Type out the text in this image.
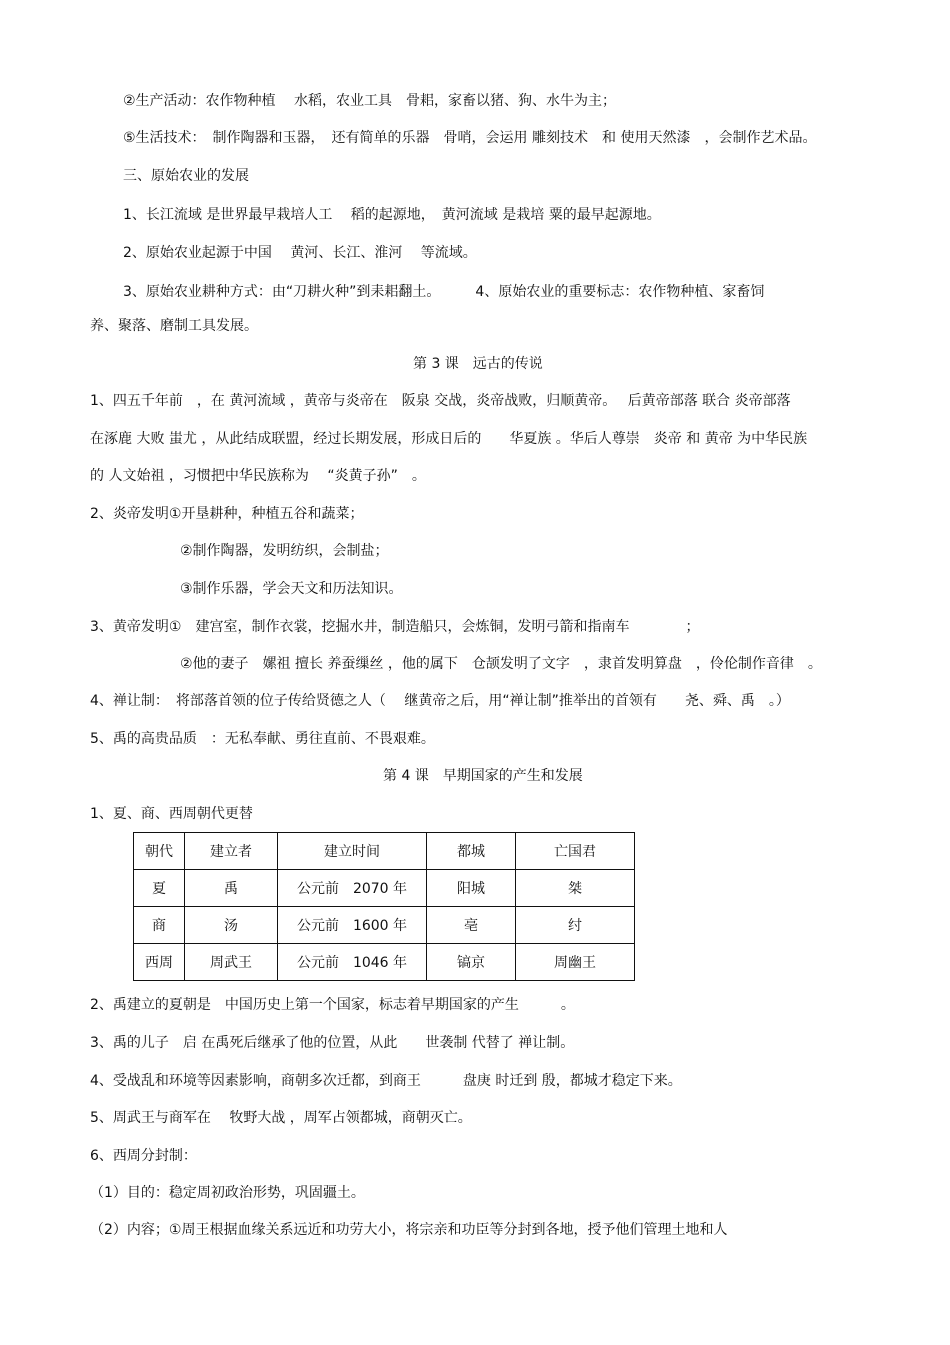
②生产活动：农作物种植　 水稻，农业工具　骨耜，家畜以猪、狗、水牛为主；
⑤生活技术：　制作陶器和玉器，　还有简单的乐器　骨哨，会运用 雕刻技术　和 使用天然漆　，会制作艺术品。
三、原始农业的发展
1、长江流域 是世界最早栽培人工　 稻的起源地，　黄河流域 是栽培 粟的最早起源地。
2、原始农业起源于中国　 黄河、长江、淮河　 等流域。
3、原始农业耕种方式：由“刀耕火种”到耒耜翻土。　　　4、原始农业的重要标志：农作物种植、家畜饲
养、聚落、磨制工具发展。
第 3 课　远古的传说
1、四五千年前　，在 黄河流域 ，黄帝与炎帝在　阪泉 交战，炎帝战败，归顺黄帝。　 后黄帝部落 联合 炎帝部落
在涿鹿 大败 蚩尤 ，从此结成联盟，经过长期发展，形成日后的　　华夏族 。华后人尊崇　炎帝 和 黄帝 为中华民族
的 人文始祖 ，习惯把中华民族称为　 “炎黄子孙”　。
2、炎帝发明①开垦耕种，种植五谷和蔬菜；
②制作陶器，发明纺织，会制盐；
③制作乐器，学会天文和历法知识。
3、黄帝发明①　建宫室，制作衣裳，挖掘水井，制造船只，会炼铜，发明弓箭和指南车　　　　；
②他的妻子　嫘祖 擅长 养蚕缫丝 ，他的属下　仓颉发明了文字　，隶首发明算盘　，伶伦制作音律　。
4、禅让制：　将部落首领的位子传给贤德之人（　 继黄帝之后，用“禅让制”推举出的首领有　　尧、舜、禹　。）
5、禹的高贵品质　：无私奉献、勇往直前、不畏艰难。
第 4 课　早期国家的产生和发展
1、夏、商、西周朝代更替
朝代	建立者	建立时间	都城	亡国君
夏	禹	公元前　2070 年	阳城	桀
商	汤	公元前　1600 年	亳	纣
西周	周武王	公元前　1046 年	镐京	周幽王
2、禹建立的夏朝是　中国历史上第一个国家，标志着早期国家的产生　　　。
3、禹的儿子　启 在禹死后继承了他的位置，从此　　世袭制 代替了 禅让制。
4、受战乱和环境等因素影响，商朝多次迁都，到商王　　　盘庚 时迁到 殷，都城才稳定下来。
5、周武王与商军在　 牧野大战 ，周军占领都城，商朝灭亡。
6、西周分封制：
（1）目的：稳定周初政治形势，巩固疆土。
（2）内容；①周王根据血缘关系远近和功劳大小，将宗亲和功臣等分封到各地，授予他们管理土地和人
